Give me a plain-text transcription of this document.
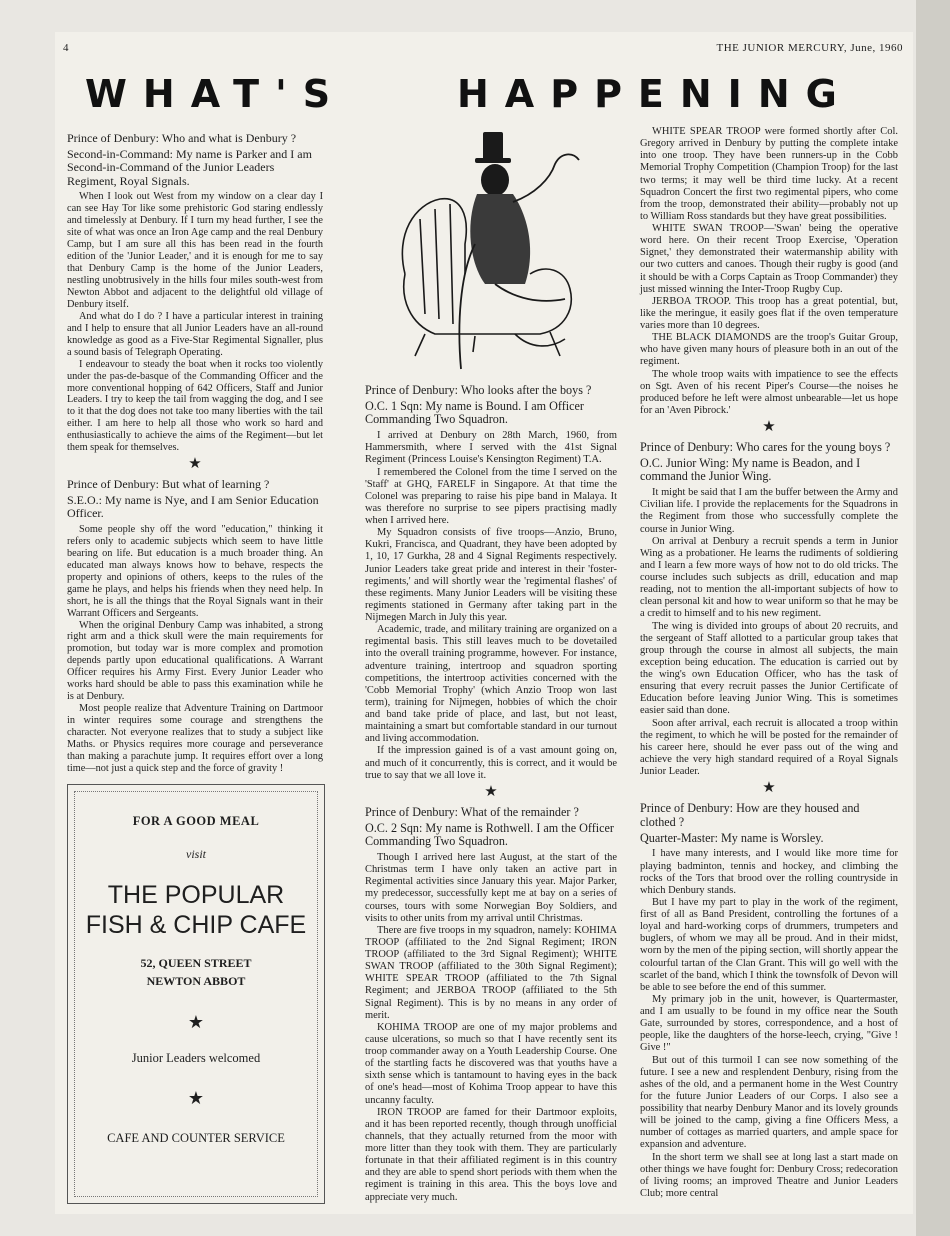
4	THE JUNIOR MERCURY, June, 1960
WHAT'S	HAPPENING
Prince of Denbury: Who and what is Denbury ?
Second-in-Command: My name is Parker and I am Second-in-Command of the Junior Leaders Regiment, Royal Signals.

When I look out West from my window on a clear day I can see Hay Tor like some prehistoric God staring endlessly and timelessly at Denbury. If I turn my head further, I see the site of what was once an Iron Age camp and the real Denbury Camp, but I am sure all this has been read in the fourth edition of the 'Junior Leader,' and it is enough for me to say that Denbury Camp is the home of the Junior Leaders, nestling unobtrusively in the hills four miles south-west from Newton Abbot and adjacent to the delightful old village of Denbury itself.

And what do I do ? I have a particular interest in training and I help to ensure that all Junior Leaders have an all-round knowledge as good as a Five-Star Regimental Signaller, plus a sound basis of Telegraph Operating.

I endeavour to steady the boat when it rocks too violently under the pas-de-basque of the Commanding Officer and the more conventional hopping of 642 Officers, Staff and Junior Leaders. I try to keep the tail from wagging the dog, and I see to it that the dog does not take too many liberties with the tail either. I am here to help all those who work so hard and enthusiastically to achieve the aims of the Regiment—but let them speak for themselves.

★
Prince of Denbury: But what of learning ?
S.E.O.: My name is Nye, and I am Senior Education Officer.

Some people shy off the word "education," thinking it refers only to academic subjects which seem to have little bearing on life. But education is a much broader thing. An educated man always knows how to behave, respects the property and opinions of others, keeps to the rules of the game he plays, and helps his friends when they need help. In short, he is all the things that the Royal Signals want in their Warrant Officers and Sergeants.

When the original Denbury Camp was inhabited, a strong right arm and a thick skull were the main requirements for promotion, but today war is more complex and promotion depends partly upon educational qualifications. A Warrant Officer requires his Army First. Every Junior Leader who works hard should be able to pass this examination while he is at Denbury.

Most people realize that Adventure Training on Dartmoor in winter requires some courage and strengthens the character. Not everyone realizes that to study a subject like Maths. or Physics requires more courage and perseverance than making a parachute jump. It requires effort over a long time—not just a quick step and the force of gravity !

FOR A GOOD MEAL
visit
THE POPULAR
FISH & CHIP CAFE
52, QUEEN STREET
NEWTON ABBOT
★
Junior Leaders welcomed
★
CAFE AND COUNTER SERVICE
Prince of Denbury: Who looks after the boys ?
O.C. 1 Sqn: My name is Bound. I am Officer Commanding Two Squadron.

I arrived at Denbury on 28th March, 1960, from Hammersmith, where I served with the 41st Signal Regiment (Princess Louise's Kensington Regiment) T.A.

I remembered the Colonel from the time I served on the 'Staff' at GHQ, FARELF in Singapore. At that time the Colonel was preparing to raise his pipe band in Malaya. It was therefore no surprise to see pipers practising madly when I arrived here.

My Squadron consists of five troops—Anzio, Bruno, Kukri, Francisca, and Quadrant, they have been adopted by 1, 10, 17 Gurkha, 28 and 4 Signal Regiments respectively. Junior Leaders take great pride and interest in their 'foster-regiments,' and will shortly wear the 'regimental flashes' of these regiments. Many Junior Leaders will be visiting these regiments stationed in Germany after taking part in the Nijmegen March in July this year.

Academic, trade, and military training are organized on a regimental basis. This still leaves much to be dovetailed into the overall training programme, however. For instance, adventure training, intertroop and squadron sporting competitions, the intertroop activities concerned with the 'Cobb Memorial Trophy' (which Anzio Troop won last term), training for Nijmegen, hobbies of which the choir and band take pride of place, and last, but not least, maintaining a smart but comfortable standard in our turnout and living accommodation.

If the impression gained is of a vast amount going on, and much of it concurrently, this is correct, and it would be true to say that we all love it.

★
Prince of Denbury: What of the remainder ?
O.C. 2 Sqn: My name is Rothwell. I am the Officer Commanding Two Squadron.

Though I arrived here last August, at the start of the Christmas term I have only taken an active part in Regimental activities since January this year. Major Parker, my predecessor, successfully kept me at bay on a series of courses, tours with some Norwegian Boy Soldiers, and visits to other units from my arrival until Christmas.

There are five troops in my squadron, namely: KOHIMA TROOP (affiliated to the 2nd Signal Regiment; IRON TROOP (affiliated to the 3rd Signal Regiment); WHITE SWAN TROOP (affiliated to the 30th Signal Regiment); WHITE SPEAR TROOP (affiliated to the 7th Signal Regiment; and JERBOA TROOP (affiliated to the 5th Signal Regiment). This is by no means in any order of merit.

KOHIMA TROOP are one of my major problems and cause ulcerations, so much so that I have recently sent its troop commander away on a Youth Leadership Course. One of the startling facts he discovered was that youths have a sixth sense which is tantamount to having eyes in the back of one's head—most of Kohima Troop appear to have this uncanny faculty.

IRON TROOP are famed for their Dartmoor exploits, and it has been reported recently, though through unofficial channels, that they actually returned from the moor with more litter than they took with them. They are particularly fortunate in that their affiliated regiment is in this country and they are able to spend short periods with them when the regiment is training in this area. This the boys love and appreciate very much.

WHITE SPEAR TROOP were formed shortly after Col. Gregory arrived in Denbury by putting the complete intake into one troop. They have been runners-up in the Cobb Memorial Trophy Competition (Champion Troop) for the last two terms; it may well be third time lucky. At a recent Squadron Concert the first two regimental pipers, who come from the troop, demonstrated their ability—probably not up to William Ross standards but they have great possibilities.

WHITE SWAN TROOP—'Swan' being the operative word here. On their recent Troop Exercise, 'Operation Signet,' they demonstrated their watermanship ability with our two cutters and canoes. Though their rugby is good (and it should be with a Corps Captain as Troop Commander) they just missed winning the Inter-Troop Rugby Cup.

JERBOA TROOP. This troop has a great potential, but, like the meringue, it easily goes flat if the oven temperature varies more than 10 degrees.

THE BLACK DIAMONDS are the troop's Guitar Group, who have given many hours of pleasure both in an out of the regiment.

The whole troop waits with impatience to see the effects on Sgt. Aven of his recent Piper's Course—the noises he produced before he left were almost unbearable—let us hope for an 'Aven Pibrock.'

★
Prince of Denbury: Who cares for the young boys ?
O.C. Junior Wing: My name is Beadon, and I command the Junior Wing.

It might be said that I am the buffer between the Army and Civilian life. I provide the replacements for the Squadrons in the Regiment from those who successfully complete the course in Junior Wing.

On arrival at Denbury a recruit spends a term in Junior Wing as a probationer. He learns the rudiments of soldiering and I learn a few more ways of how not to do old tricks. The course includes such subjects as drill, education and map reading, not to mention the all-important subjects of how to clean personal kit and how to wear uniform so that he may be a credit to himself and to his new regiment.

The wing is divided into groups of about 20 recruits, and the sergeant of Staff allotted to a particular group takes that group through the course in almost all subjects, the main exception being education. The education is carried out by the wing's own Education Officer, who has the task of ensuring that every recruit passes the Junior Certificate of Education before leaving Junior Wing. This is sometimes easier said than done.

Soon after arrival, each recruit is allocated a troop within the regiment, to which he will be posted for the remainder of his career here, should he ever pass out of the wing and achieve the very high standard required of a Royal Signals Junior Leader.

★
Prince of Denbury: How are they housed and clothed ?
Quarter-Master: My name is Worsley.

I have many interests, and I would like more time for playing badminton, tennis and hockey, and climbing the rocks of the Tors that brood over the rolling countryside in which Denbury stands.

But I have my part to play in the work of the regiment, first of all as Band President, controlling the fortunes of a loyal and hard-working corps of drummers, trumpeters and buglers, of whom we may all be proud. And in their midst, worn by the men of the piping section, will shortly appear the colourful tartan of the Clan Grant. This will go well with the scarlet of the band, which I think the townsfolk of Devon will be able to see before the end of this summer.

My primary job in the unit, however, is Quartermaster, and I am usually to be found in my office near the South Gate, surrounded by stores, correspondence, and a host of people, like the daughters of the horse-leech, crying, "Give ! Give !"

But out of this turmoil I can see now something of the future. I see a new and resplendent Denbury, rising from the ashes of the old, and a permanent home in the West Country for the future Junior Leaders of our Corps. I also see a possibility that nearby Denbury Manor and its lovely grounds will be joined to the camp, giving a fine Officers Mess, a number of cottages as married quarters, and ample space for expansion and adventure.

In the short term we shall see at long last a start made on other things we have fought for: Denbury Cross; redecoration of living rooms; an improved Theatre and Junior Leaders Club; more central
